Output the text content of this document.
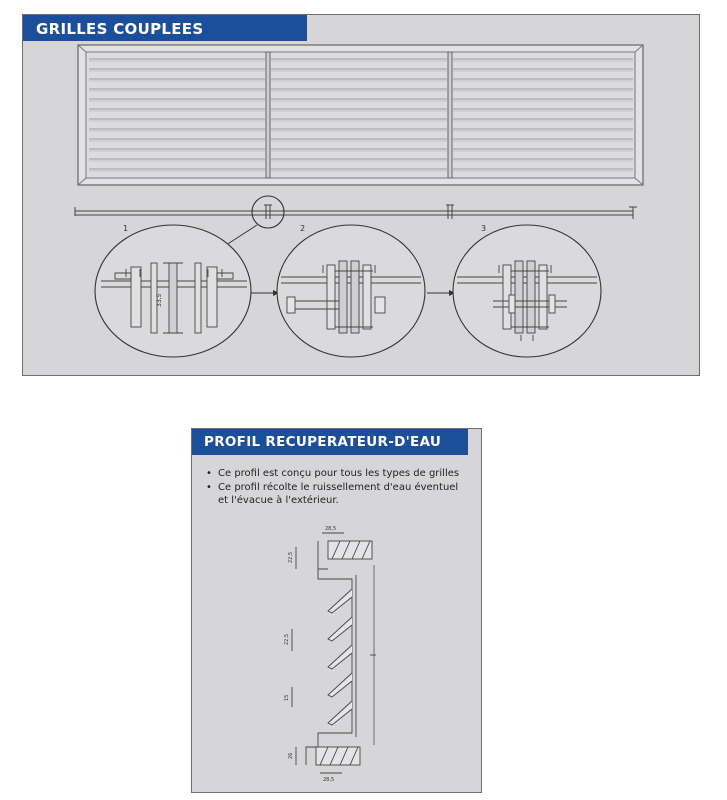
GRILLES COUPLEES
1	2	3
33,5
PROFIL RECUPERATEUR-D'EAU
• Ce profil est conçu pour tous les types de grilles
• Ce profil récolte le ruissellement d'eau éventuel
et l'évacue à l'extérieur.
28,5
22,5
22,5
15
26
28,5
